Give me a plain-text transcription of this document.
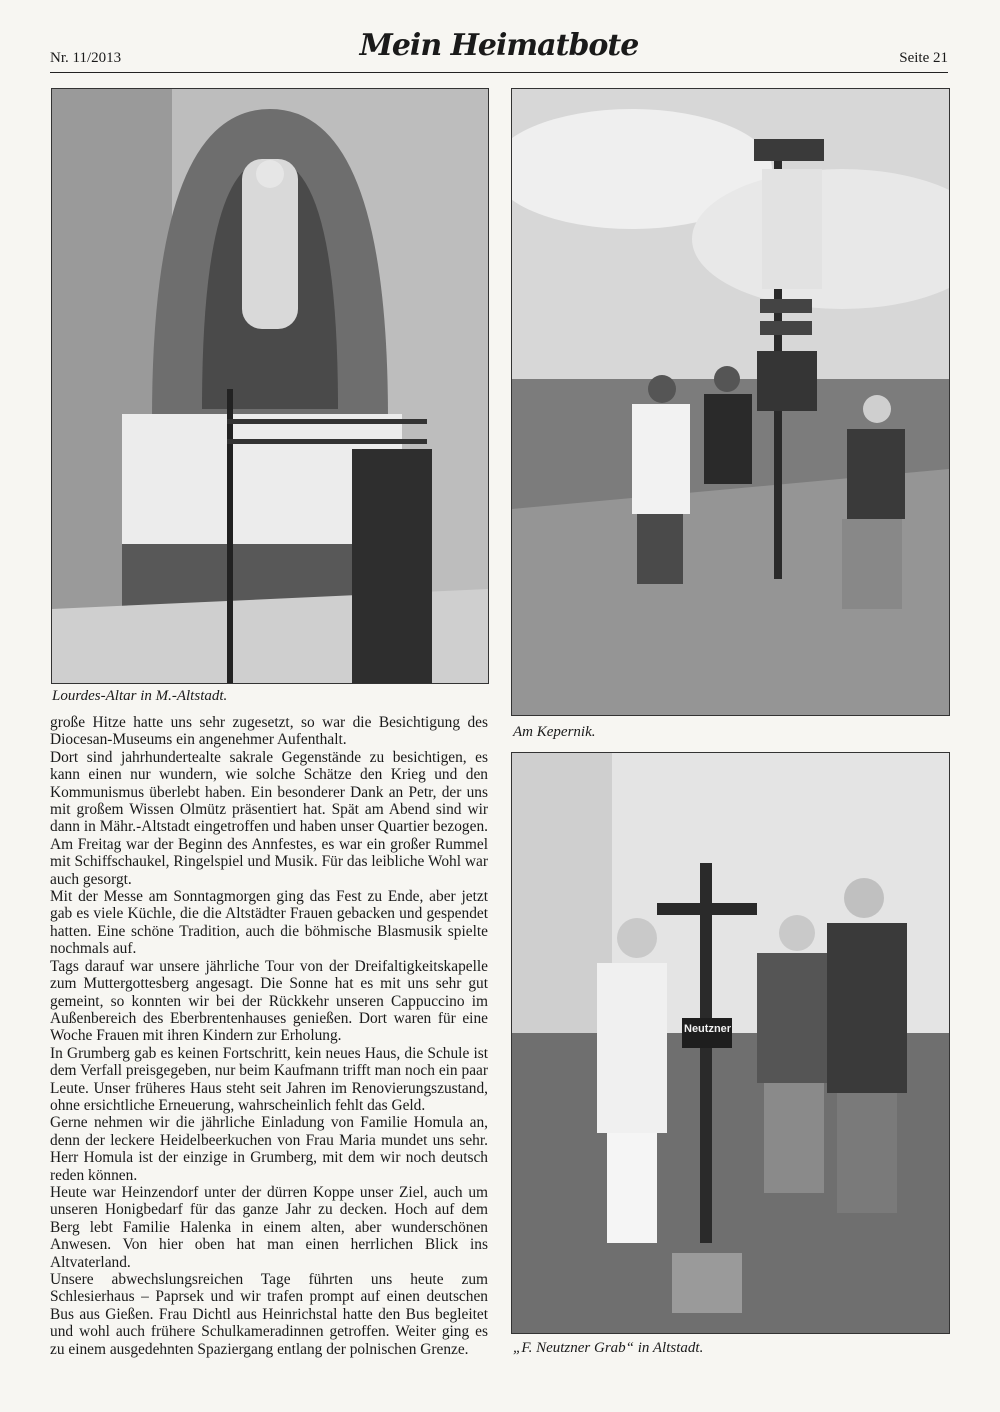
Nr. 11/2013	Mein Heimatbote	Seite 21
Lourdes-Altar in M.-Altstadt.
Am Kepernik.
Neutzner
„F. Neutzner Grab“ in Altstadt.

große Hitze hatte uns sehr zugesetzt, so war die Besichtigung des Diocesan-Museums ein angenehmer Aufenthalt.

Dort sind jahrhundertealte sakrale Gegenstände zu besichtigen, es kann einen nur wundern, wie solche Schätze den Krieg und den Kommunismus überlebt haben. Ein besonderer Dank an Petr, der uns mit großem Wissen Olmütz präsentiert hat. Spät am Abend sind wir dann in Mähr.-Altstadt eingetroffen und haben unser Quartier bezogen. Am Freitag war der Beginn des Annfestes, es war ein großer Rummel mit Schiffschaukel, Ringelspiel und Musik. Für das leibliche Wohl war auch gesorgt.

Mit der Messe am Sonntagmorgen ging das Fest zu Ende, aber jetzt gab es viele Küchle, die die Altstädter Frauen gebacken und gespendet hatten. Eine schöne Tradition, auch die böhmische Blasmusik spielte nochmals auf.

Tags darauf war unsere jährliche Tour von der Dreifaltigkeitskapelle zum Muttergottesberg angesagt. Die Sonne hat es mit uns sehr gut gemeint, so konnten wir bei der Rückkehr unseren Cappuccino im Außenbereich des Eberbrentenhauses genießen. Dort waren für eine Woche Frauen mit ihren Kindern zur Erholung.

In Grumberg gab es keinen Fortschritt, kein neues Haus, die Schule ist dem Verfall preisgegeben, nur beim Kaufmann trifft man noch ein paar Leute. Unser früheres Haus steht seit Jahren im Renovierungszustand, ohne ersichtliche Erneuerung, wahrscheinlich fehlt das Geld.

Gerne nehmen wir die jährliche Einladung von Familie Homula an, denn der leckere Heidelbeerkuchen von Frau Maria mundet uns sehr. Herr Homula ist der einzige in Grumberg, mit dem wir noch deutsch reden können.

Heute war Heinzendorf unter der dürren Koppe unser Ziel, auch um unseren Honigbedarf für das ganze Jahr zu decken. Hoch auf dem Berg lebt Familie Halenka in einem alten, aber wunderschönen Anwesen. Von hier oben hat man einen herrlichen Blick ins Altvaterland.

Unsere abwechslungsreichen Tage führten uns heute zum Schlesierhaus – Paprsek und wir trafen prompt auf einen deutschen Bus aus Gießen. Frau Dichtl aus Heinrichstal hatte den Bus begleitet und wohl auch frühere Schulkameradinnen getroffen. Weiter ging es zu einem ausgedehnten Spaziergang entlang der polnischen Grenze.
